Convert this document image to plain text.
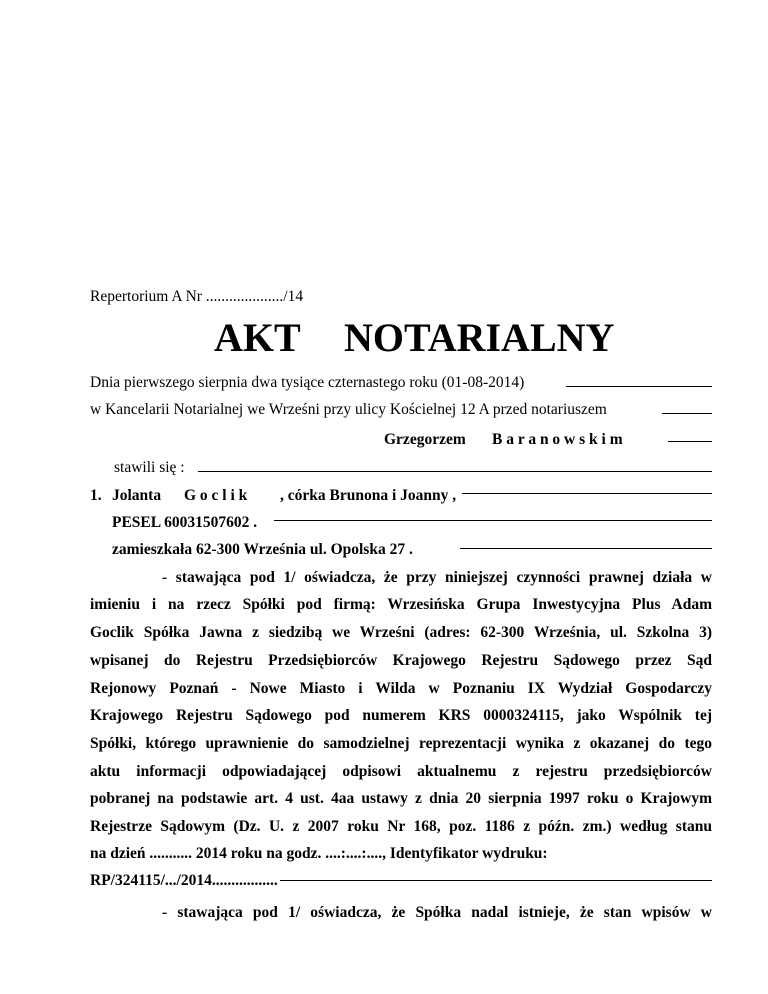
Repertorium A Nr ..................../14
AKT NOTARIALNY
Dnia pierwszego sierpnia dwa tysiące czternastego roku (01-08-2014)
w Kancelarii Notarialnej we Wrześni przy ulicy Kościelnej 12 A przed notariuszem
Grzegorzem B a r a n o w s k i m
stawili się :
1. Jolanta G o c l i k , córka Brunona i Joanny ,
PESEL 60031507602 .
zamieszkała 62-300 Września ul. Opolska 27 .
- stawająca pod 1/ oświadcza, że przy niniejszej czynności prawnej działa w
imieniu i na rzecz Spółki pod firmą: Wrzesińska Grupa Inwestycyjna Plus Adam
Goclik Spółka Jawna z siedzibą we Wrześni (adres: 62-300 Września, ul. Szkolna 3)
wpisanej do Rejestru Przedsiębiorców Krajowego Rejestru Sądowego przez Sąd
Rejonowy Poznań - Nowe Miasto i Wilda w Poznaniu IX Wydział Gospodarczy
Krajowego Rejestru Sądowego pod numerem KRS 0000324115, jako Wspólnik tej
Spółki, którego uprawnienie do samodzielnej reprezentacji wynika z okazanej do tego
aktu informacji odpowiadającej odpisowi aktualnemu z rejestru przedsiębiorców
pobranej na podstawie art. 4 ust. 4aa ustawy z dnia 20 sierpnia 1997 roku o Krajowym
Rejestrze Sądowym (Dz. U. z 2007 roku Nr 168, poz. 1186 z późn. zm.) według stanu
na dzień ........... 2014 roku na godz. ....:....:...., Identyfikator wydruku:
RP/324115/.../2014.................
- stawająca pod 1/ oświadcza, że Spółka nadal istnieje, że stan wpisów w
